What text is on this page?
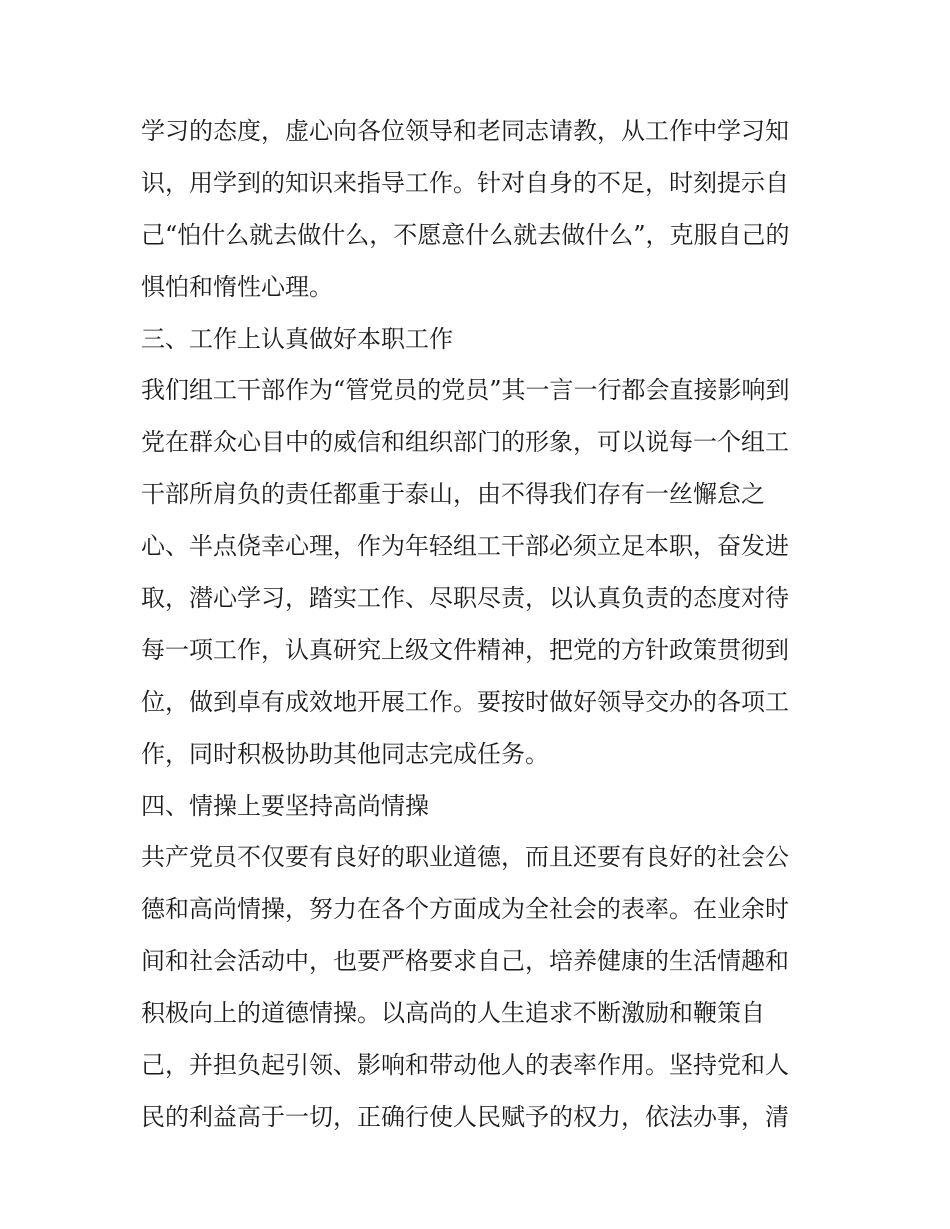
学习的态度，虚心向各位领导和老同志请教，从工作中学习知
识，用学到的知识来指导工作。针对自身的不足，时刻提示自
己“怕什么就去做什么，不愿意什么就去做什么”，克服自己的
惧怕和惰性心理。
三、工作上认真做好本职工作
我们组工干部作为“管党员的党员”其一言一行都会直接影响到
党在群众心目中的威信和组织部门的形象，可以说每一个组工
干部所肩负的责任都重于泰山，由不得我们存有一丝懈怠之
心、半点侥幸心理，作为年轻组工干部必须立足本职，奋发进
取，潜心学习，踏实工作、尽职尽责，以认真负责的态度对待
每一项工作，认真研究上级文件精神，把党的方针政策贯彻到
位，做到卓有成效地开展工作。要按时做好领导交办的各项工
作，同时积极协助其他同志完成任务。
四、情操上要坚持高尚情操
共产党员不仅要有良好的职业道德，而且还要有良好的社会公
德和高尚情操，努力在各个方面成为全社会的表率。在业余时
间和社会活动中，也要严格要求自己，培养健康的生活情趣和
积极向上的道德情操。以高尚的人生追求不断激励和鞭策自
己，并担负起引领、影响和带动他人的表率作用。坚持党和人
民的利益高于一切，正确行使人民赋予的权力，依法办事，清
